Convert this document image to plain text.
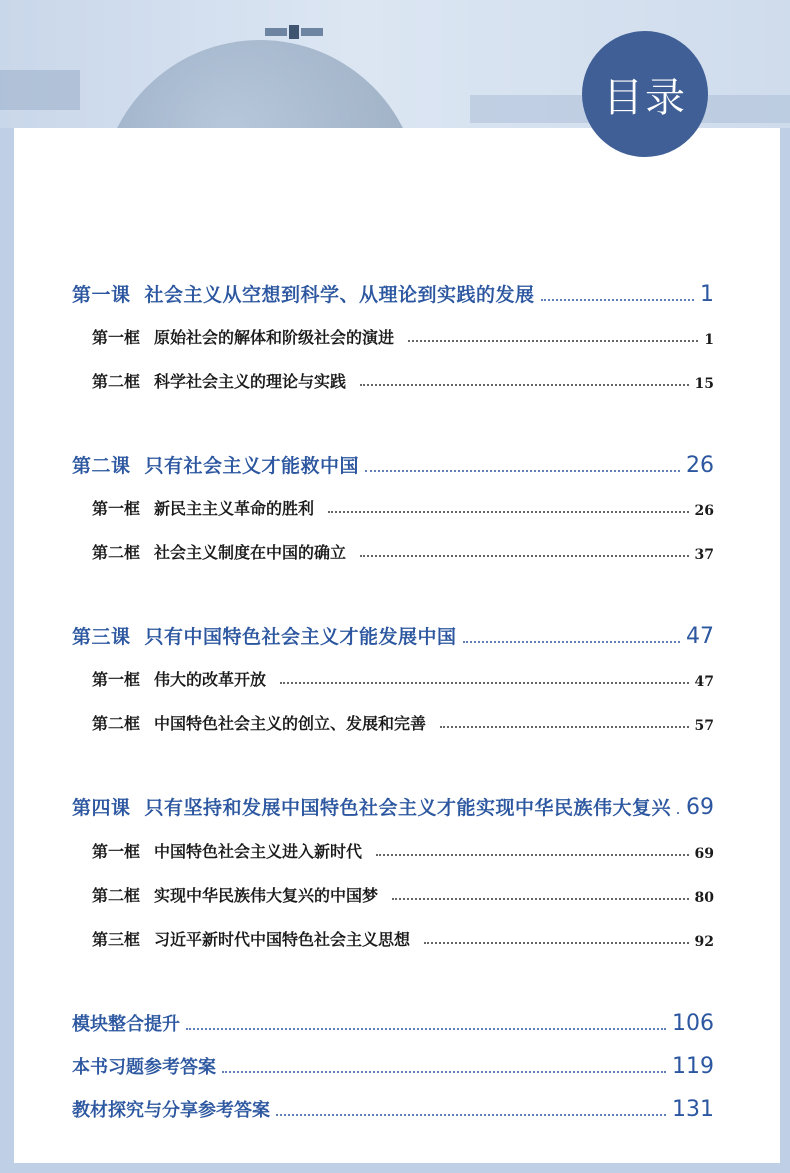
目录
第一课 社会主义从空想到科学、从理论到实践的发展	1
第一框 原始社会的解体和阶级社会的演进	1
第二框 科学社会主义的理论与实践	15
第二课 只有社会主义才能救中国	26
第一框 新民主主义革命的胜利	26
第二框 社会主义制度在中国的确立	37
第三课 只有中国特色社会主义才能发展中国	47
第一框 伟大的改革开放	47
第二框 中国特色社会主义的创立、发展和完善	57
第四课 只有坚持和发展中国特色社会主义才能实现中华民族伟大复兴 69
第一框 中国特色社会主义进入新时代	69
第二框 实现中华民族伟大复兴的中国梦	80
第三框 习近平新时代中国特色社会主义思想	92
模块整合提升	106
本书习题参考答案	119
教材探究与分享参考答案	131
